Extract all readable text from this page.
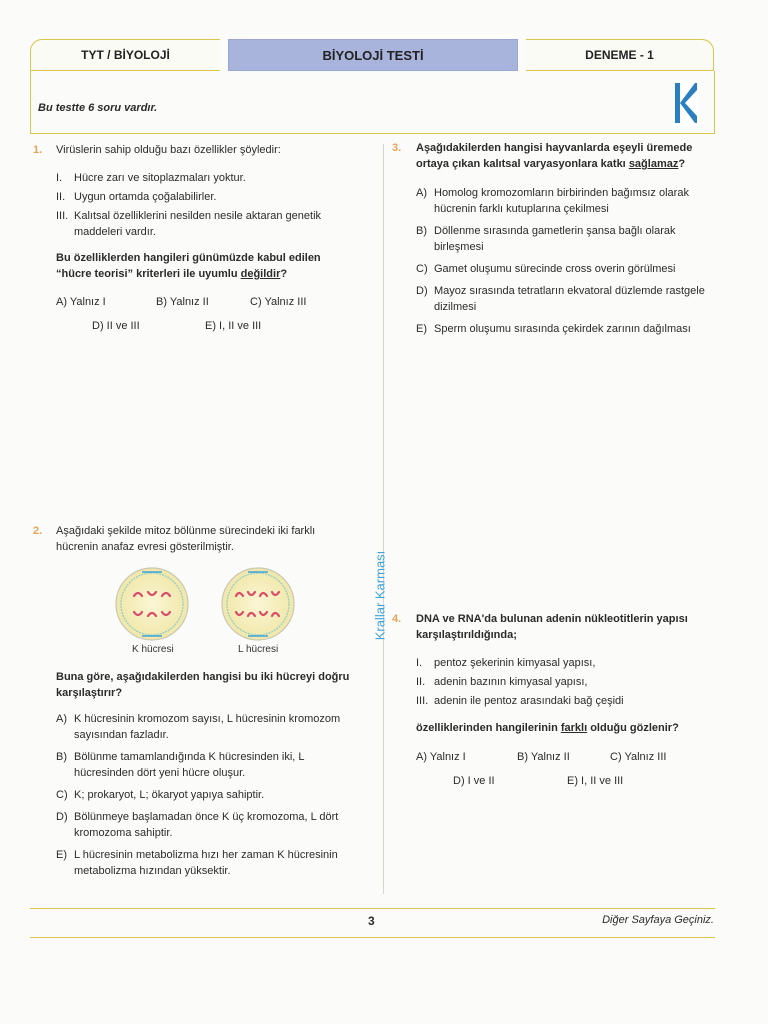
TYT / BİYOLOJİ	BİYOLOJİ TESTİ	DENEME - 1
Bu testte 6 soru vardır.
Krallar Karması
1. Virüslerin sahip olduğu bazı özellikler şöyledir:

I. Hücre zarı ve sitoplazmaları yoktur.
II. Uygun ortamda çoğalabilirler.
III. Kalıtsal özelliklerini nesilden nesile aktaran genetik maddeleri vardır.

Bu özelliklerden hangileri günümüzde kabul edilen “hücre teorisi” kriterleri ile uyumlu değildir?

A) Yalnız I	B) Yalnız II	C) Yalnız III
D) II ve III	E) I, II ve III
2. Aşağıdaki şekilde mitoz bölünme sürecindeki iki farklı hücrenin anafaz evresi gösterilmiştir.
K hücresi	L hücresi
Buna göre, aşağıdakilerden hangisi bu iki hücreyi doğru karşılaştırır?
A) K hücresinin kromozom sayısı, L hücresinin kromozom sayısından fazladır.
B) Bölünme tamamlandığında K hücresinden iki, L hücresinden dört yeni hücre oluşur.
C) K; prokaryot, L; ökaryot yapıya sahiptir.
D) Bölünmeye başlamadan önce K üç kromozoma, L dört kromozoma sahiptir.
E) L hücresinin metabolizma hızı her zaman K hücresinin metabolizma hızından yüksektir.
3. Aşağıdakilerden hangisi hayvanlarda eşeyli üremede ortaya çıkan kalıtsal varyasyonlara katkı sağlamaz?
A) Homolog kromozomların birbirinden bağımsız olarak hücrenin farklı kutuplarına çekilmesi
B) Döllenme sırasında gametlerin şansa bağlı olarak birleşmesi
C) Gamet oluşumu sürecinde cross overin görülmesi
D) Mayoz sırasında tetratların ekvatoral düzlemde rastgele dizilmesi
E) Sperm oluşumu sırasında çekirdek zarının dağılması
4. DNA ve RNA'da bulunan adenin nükleotitlerin yapısı karşılaştırıldığında;
I. pentoz şekerinin kimyasal yapısı,
II. adenin bazının kimyasal yapısı,
III. adenin ile pentoz arasındaki bağ çeşidi
özelliklerinden hangilerinin farklı olduğu gözlenir?
A) Yalnız I	B) Yalnız II	C) Yalnız III
D) I ve II	E) I, II ve III
3	Diğer Sayfaya Geçiniz.
